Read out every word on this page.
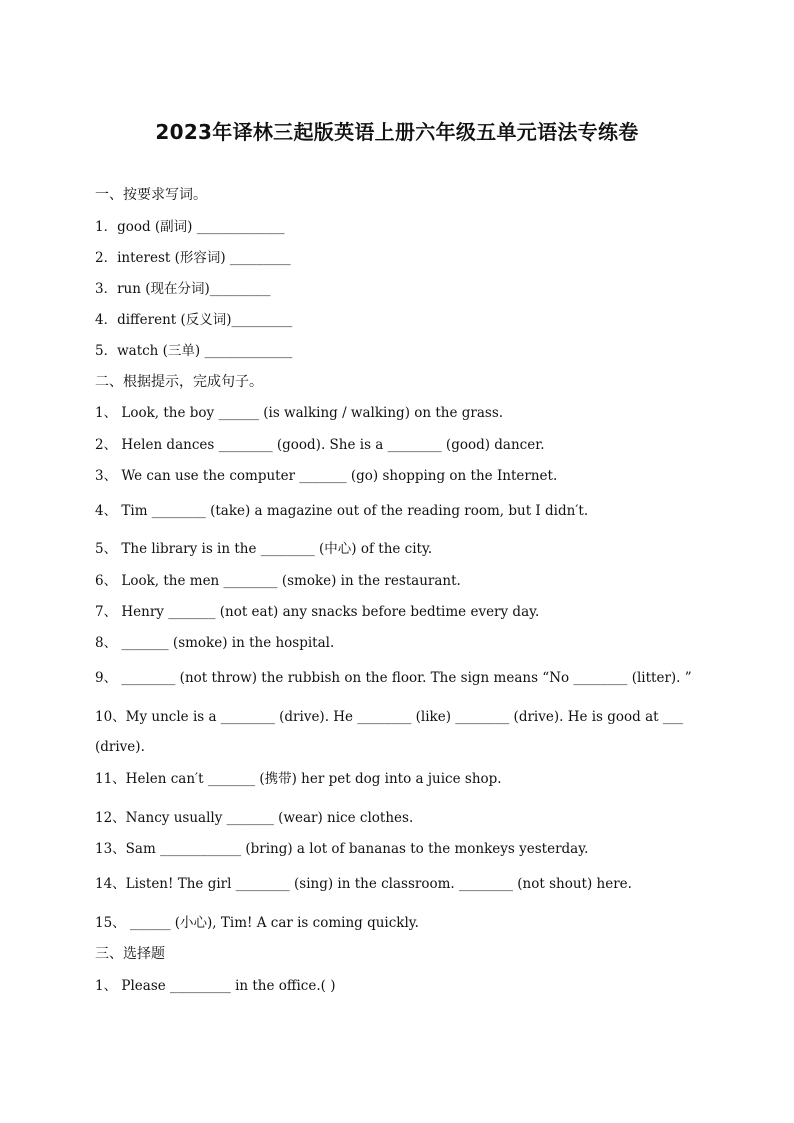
2023年译林三起版英语上册六年级五单元语法专练卷
一、按要求写词。
1．good (副词) _____________
2．interest (形容词) _________
3．run (现在分词)_________
4．different (反义词)_________
5．watch (三单) _____________
二、根据提示，完成句子。
1、 Look, the boy ______ (is walking / walking) on the grass.
2、 Helen dances ________ (good). She is a ________ (good) dancer.
3、 We can use the computer _______ (go) shopping on the Internet.
4、 Tim ________ (take) a magazine out of the reading room, but I didn′t.
5、 The library is in the ________ (中心) of the city.
6、 Look, the men ________ (smoke) in the restaurant.
7、 Henry _______ (not eat) any snacks before bedtime every day.
8、 _______ (smoke) in the hospital.
9、 ________ (not throw) the rubbish on the floor. The sign means “No ________ (litter). ”
10、My uncle is a ________ (drive). He ________ (like) ________ (drive). He is good at ___
(drive).
11、Helen can′t _______ (携带) her pet dog into a juice shop.
12、Nancy usually _______ (wear) nice clothes.
13、Sam ____________ (bring) a lot of bananas to the monkeys yesterday.
14、Listen! The girl ________ (sing) in the classroom. ________ (not shout) here.
15、 ______ (小心), Tim! A car is coming quickly.
三、选择题
1、 Please _________ in the office.( )
